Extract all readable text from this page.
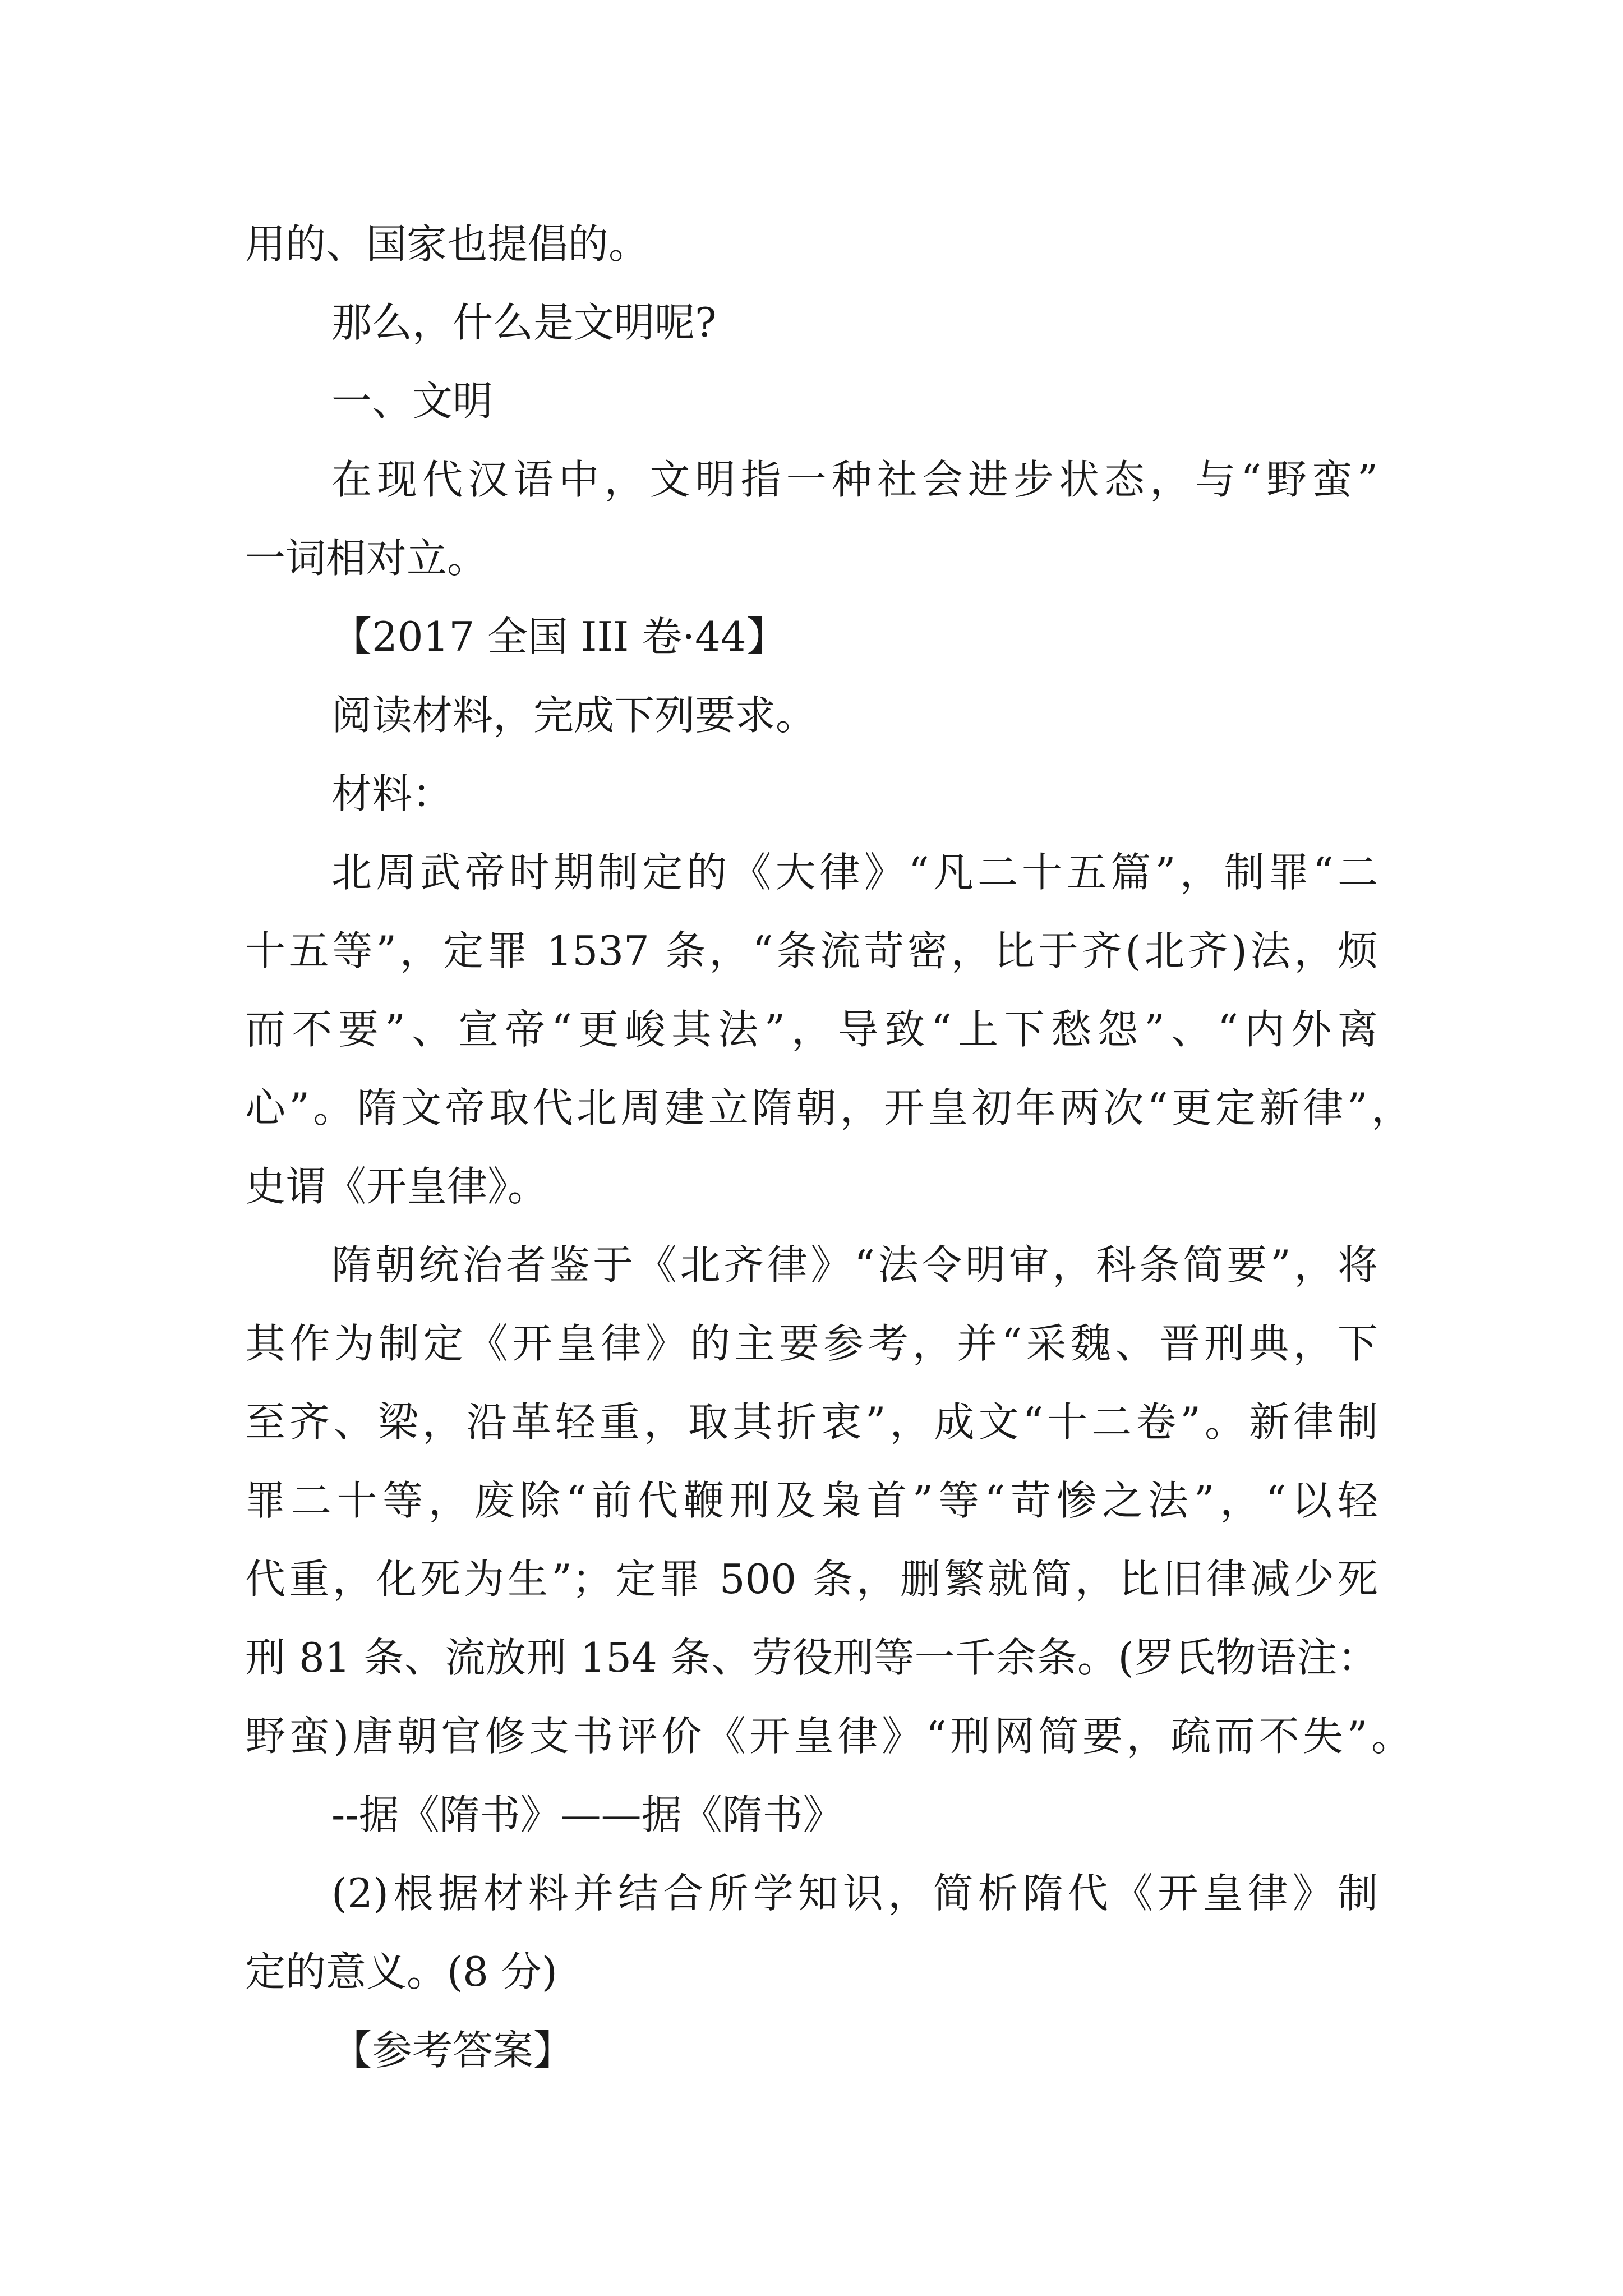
用的、国家也提倡的。
那么，什么是文明呢?
一、文明
在现代汉语中，文明指一种社会进步状态，与“野蛮”
一词相对立。
【2017 全国 III 卷·44】
阅读材料，完成下列要求。
材料：
北周武帝时期制定的《大律》“凡二十五篇”，制罪“二
十五等”，定罪 1537 条，“条流苛密，比于齐(北齐)法，烦
而不要”、宣帝“更峻其法”，导致“上下愁怨”、“内外离
心”。隋文帝取代北周建立隋朝，开皇初年两次“更定新律”，
史谓《开皇律》。
隋朝统治者鉴于《北齐律》“法令明审，科条简要”，将
其作为制定《开皇律》的主要参考，并“采魏、晋刑典，下
至齐、梁，沿革轻重，取其折衷”，成文“十二卷”。新律制
罪二十等，废除“前代鞭刑及枭首”等“苛惨之法”，“以轻
代重，化死为生”；定罪 500 条，删繁就简，比旧律减少死
刑 81 条、流放刑 154 条、劳役刑等一千余条。(罗氏物语注：
野蛮)唐朝官修支书评价《开皇律》“刑网简要，疏而不失”。
--据《隋书》——据《隋书》
(2)根据材料并结合所学知识，简析隋代《开皇律》制
定的意义。(8 分)
【参考答案】
